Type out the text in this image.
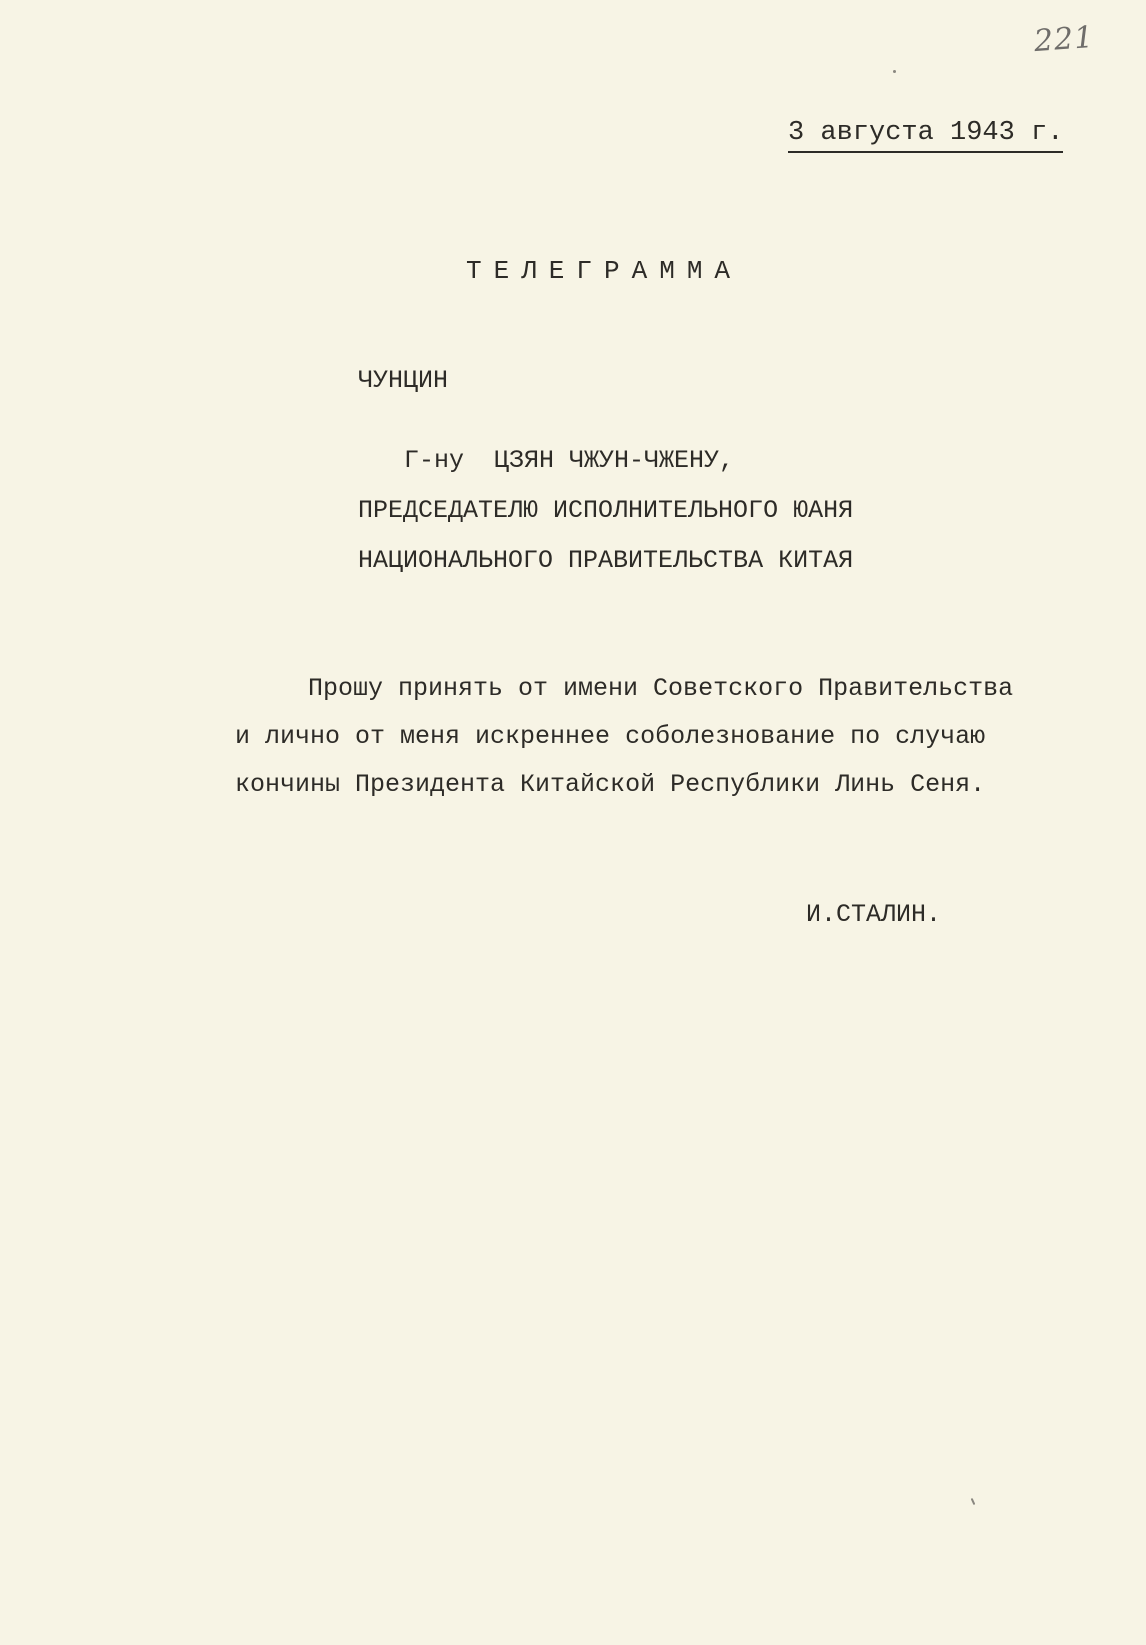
221
3 августа 1943 г.
ТЕЛЕГРАММА
ЧУНЦИН
Г-ну  ЦЗЯН ЧЖУН-ЧЖЕНУ,
ПРЕДСЕДАТЕЛЮ ИСПОЛНИТЕЛЬНОГО ЮАНЯ
НАЦИОНАЛЬНОГО ПРАВИТЕЛЬСТВА КИТАЯ
Прошу принять от имени Советского Правительства
и лично от меня искреннее соболезнование по случаю
кончины Президента Китайской Республики Линь Сеня.
И.СТАЛИН.
